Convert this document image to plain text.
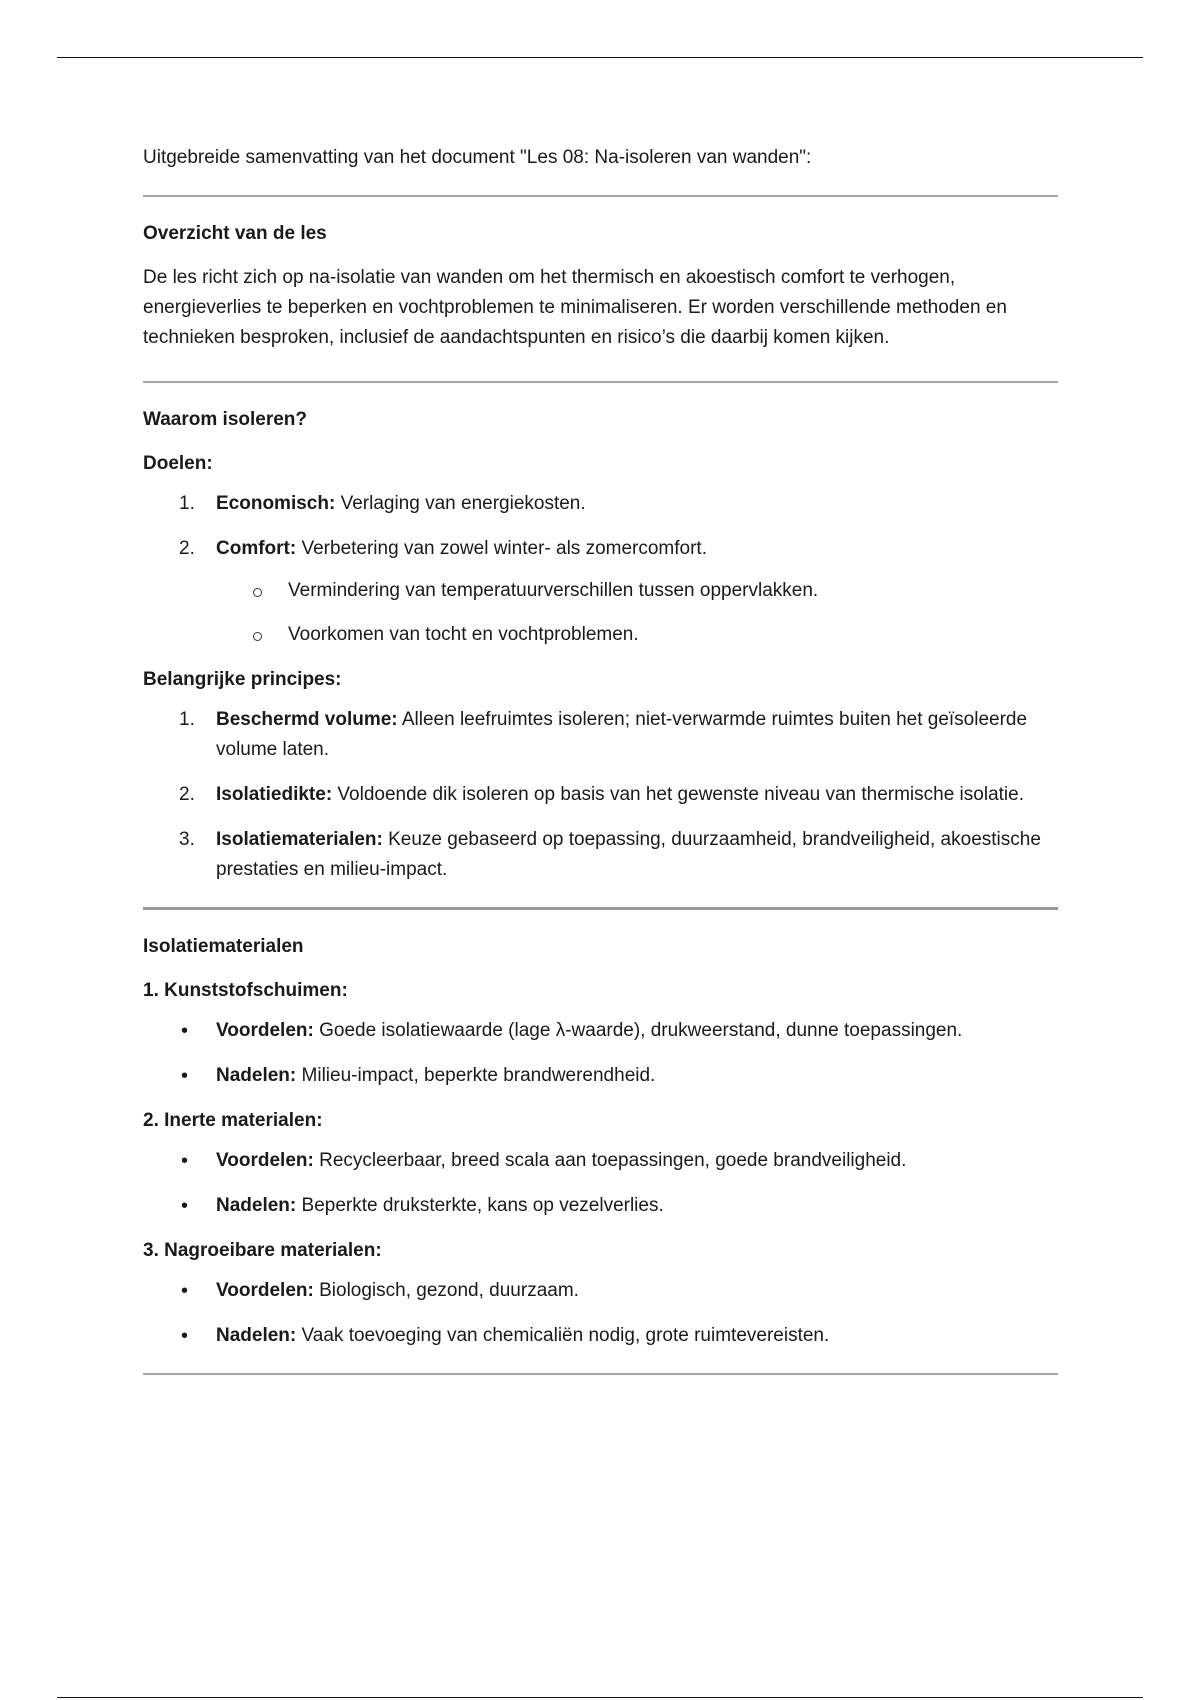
Uitgebreide samenvatting van het document "Les 08: Na-isoleren van wanden":

Overzicht van de les

De les richt zich op na-isolatie van wanden om het thermisch en akoestisch comfort te verhogen, energieverlies te beperken en vochtproblemen te minimaliseren. Er worden verschillende methoden en technieken besproken, inclusief de aandachtspunten en risico’s die daarbij komen kijken.

Waarom isoleren?
Doelen:
1. Economisch: Verlaging van energiekosten.
2. Comfort: Verbetering van zowel winter- als zomercomfort.
Vermindering van temperatuurverschillen tussen oppervlakken.
Voorkomen van tocht en vochtproblemen.
Belangrijke principes:
1. Beschermd volume: Alleen leefruimtes isoleren; niet-verwarmde ruimtes buiten het geïsoleerde volume laten.
2. Isolatiedikte: Voldoende dik isoleren op basis van het gewenste niveau van thermische isolatie.
3. Isolatiematerialen: Keuze gebaseerd op toepassing, duurzaamheid, brandveiligheid, akoestische prestaties en milieu-impact.
Isolatiematerialen
1. Kunststofschuimen:
• Voordelen: Goede isolatiewaarde (lage λ-waarde), drukweerstand, dunne toepassingen.
• Nadelen: Milieu-impact, beperkte brandwerendheid.
2. Inerte materialen:
• Voordelen: Recycleerbaar, breed scala aan toepassingen, goede brandveiligheid.
• Nadelen: Beperkte druksterkte, kans op vezelverlies.
3. Nagroeibare materialen:
• Voordelen: Biologisch, gezond, duurzaam.
• Nadelen: Vaak toevoeging van chemicaliën nodig, grote ruimtevereisten.
